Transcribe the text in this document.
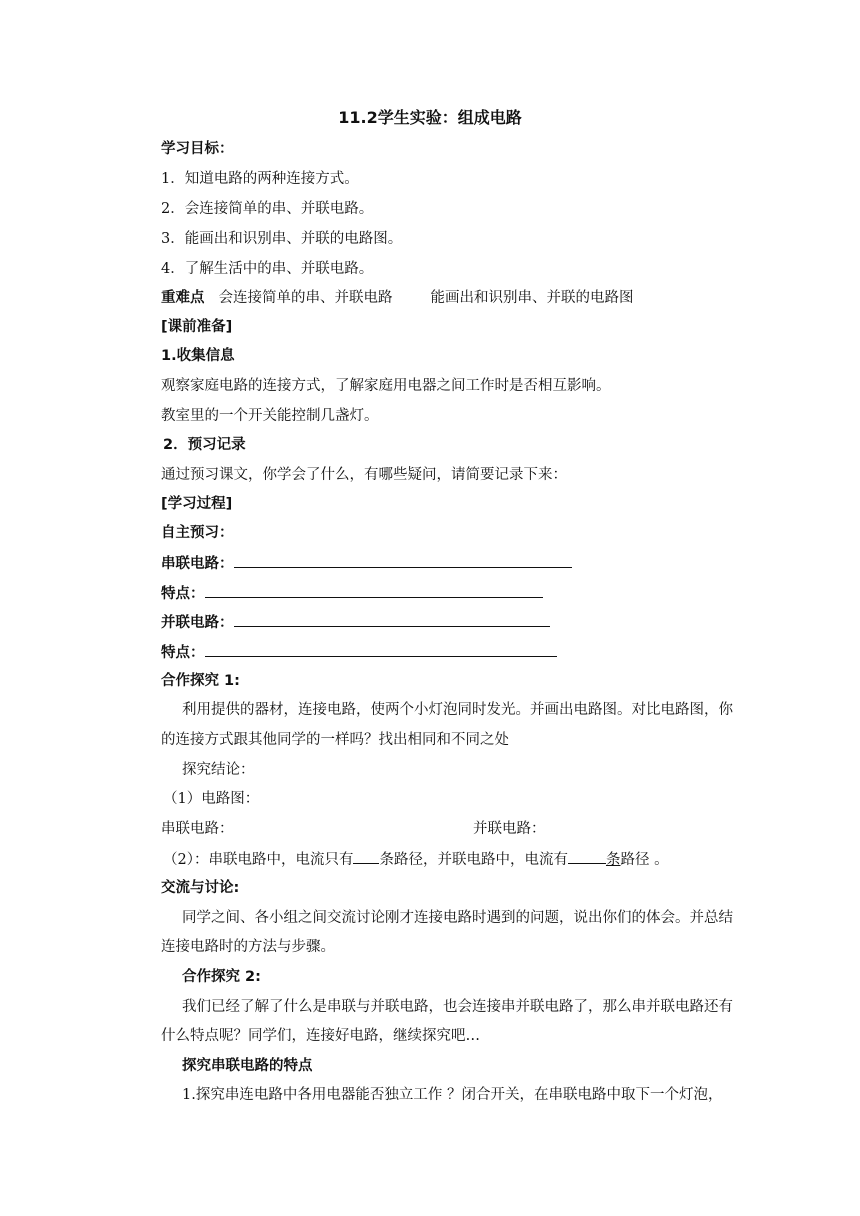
11.2学生实验：组成电路
学习目标：
1．知道电路的两种连接方式。
2．会连接简单的串、并联电路。
3．能画出和识别串、并联的电路图。
4．了解生活中的串、并联电路。
重难点 会连接简单的串、并联电路	能画出和识别串、并联的电路图
[课前准备]
1.收集信息
观察家庭电路的连接方式，了解家庭用电器之间工作时是否相互影响。
教室里的一个开关能控制几盏灯。
2．预习记录
通过预习课文，你学会了什么，有哪些疑问，请简要记录下来：
[学习过程]
自主预习：
串联电路：
特点：
并联电路：
特点：
合作探究 1:
利用提供的器材，连接电路，使两个小灯泡同时发光。并画出电路图。对比电路图，你
的连接方式跟其他同学的一样吗？找出相同和不同之处
探究结论：
（1）电路图：
串联电路：	并联电路：
（2）：串联电路中，电流只有 条路径，并联电路中，电流有	条路径 。
交流与讨论:
同学之间、各小组之间交流讨论刚才连接电路时遇到的问题，说出你们的体会。并总结
连接电路时的方法与步骤。
合作探究 2:
我们已经了解了什么是串联与并联电路，也会连接串并联电路了，那么串并联电路还有
什么特点呢？同学们，连接好电路，继续探究吧…
探究串联电路的特点
1.探究串连电路中各用电器能否独立工作 ？闭合开关，在串联电路中取下一个灯泡，
